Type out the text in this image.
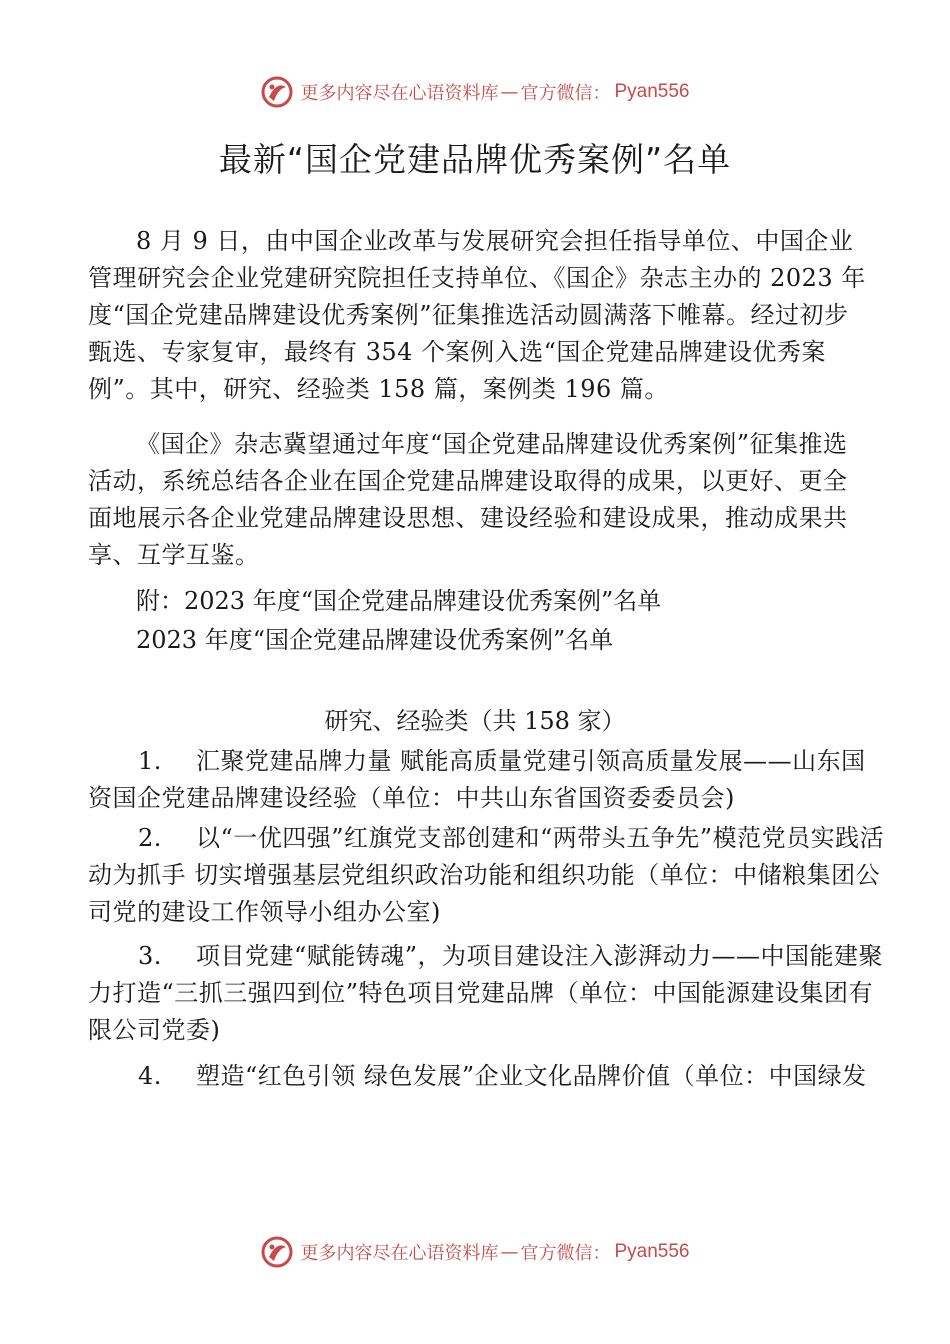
更多内容尽在心语资料库 — 官方微信： Pyan556
最新“国企党建品牌优秀案例”名单
8 月 9 日，由中国企业改革与发展研究会担任指导单位、中国企业管理研究会企业党建研究院担任支持单位、《国企》杂志主办的 2023 年度“国企党建品牌建设优秀案例”征集推选活动圆满落下帷幕。经过初步甄选、专家复审，最终有 354 个案例入选“国企党建品牌建设优秀案例”。其中，研究、经验类 158 篇，案例类 196 篇。
《国企》杂志冀望通过年度“国企党建品牌建设优秀案例”征集推选活动，系统总结各企业在国企党建品牌建设取得的成果，以更好、更全面地展示各企业党建品牌建设思想、建设经验和建设成果，推动成果共享、互学互鉴。
附：2023 年度“国企党建品牌建设优秀案例”名单
2023 年度“国企党建品牌建设优秀案例”名单
研究、经验类（共 158 家）
1. 汇聚党建品牌力量 赋能高质量党建引领高质量发展——山东国资国企党建品牌建设经验（单位：中共山东省国资委委员会)
2. 以“一优四强”红旗党支部创建和“两带头五争先”模范党员实践活动为抓手 切实增强基层党组织政治功能和组织功能（单位：中储粮集团公司党的建设工作领导小组办公室)
3. 项目党建“赋能铸魂”，为项目建设注入澎湃动力——中国能建聚力打造“三抓三强四到位”特色项目党建品牌（单位：中国能源建设集团有限公司党委)
4. 塑造“红色引领 绿色发展”企业文化品牌价值（单位：中国绿发
更多内容尽在心语资料库 — 官方微信： Pyan556
